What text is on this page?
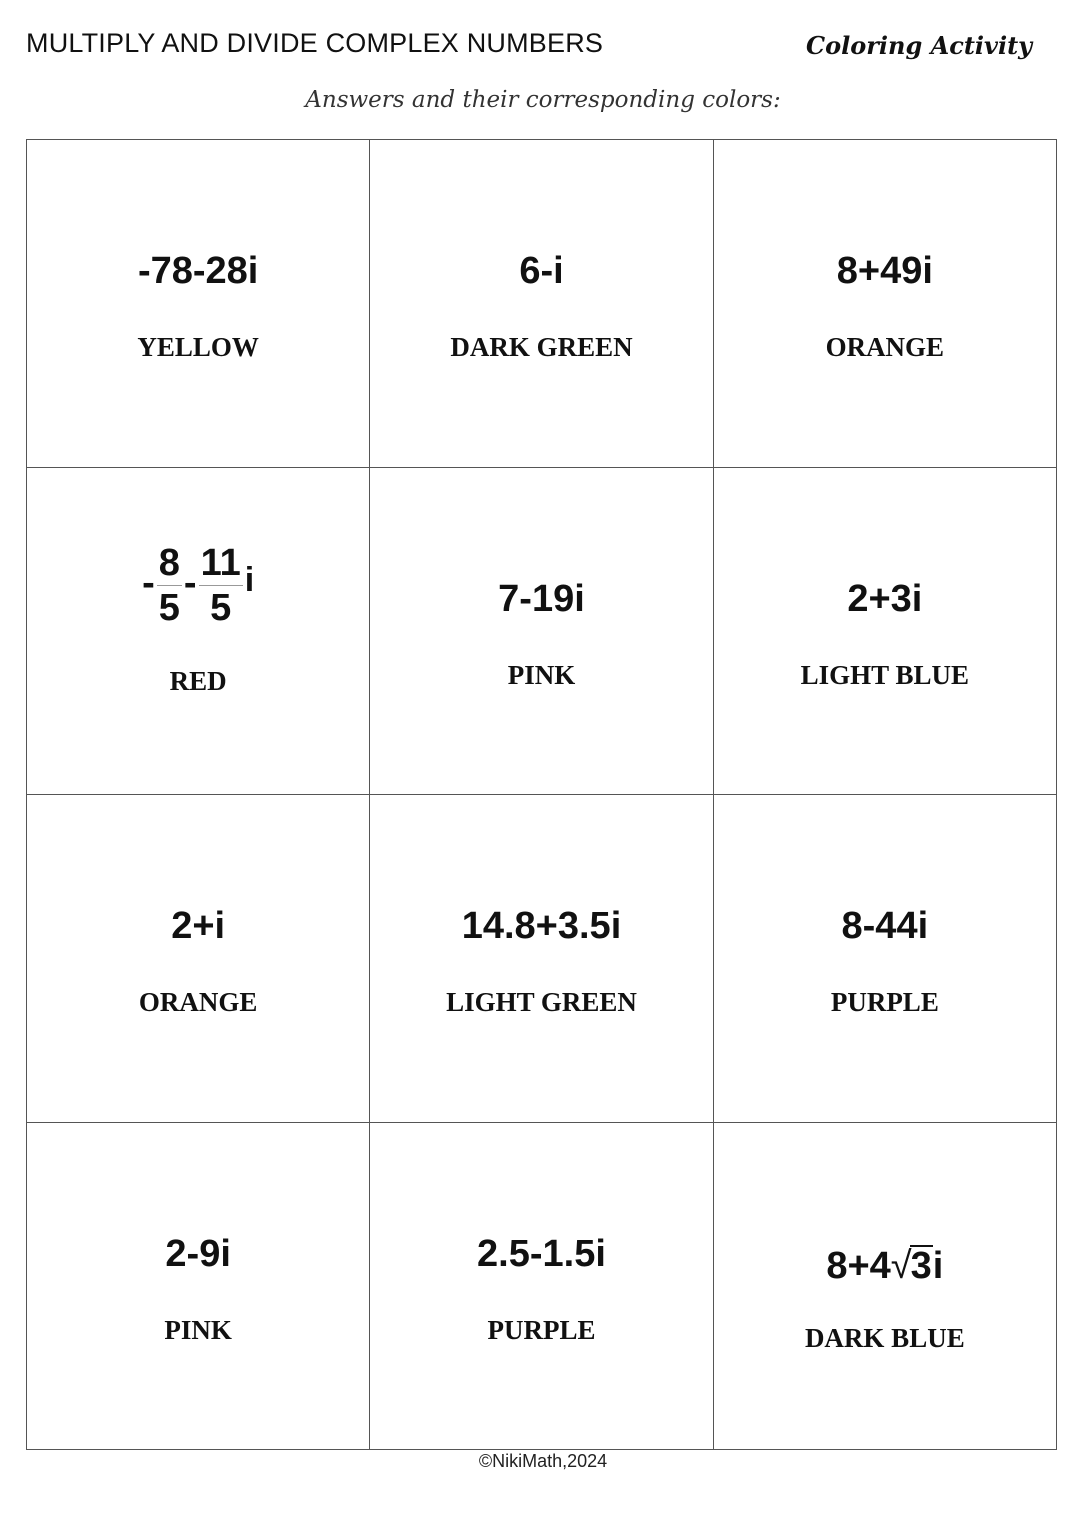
MULTIPLY AND DIVIDE COMPLEX NUMBERS	Coloring Activity
Answers and their corresponding colors:
-78-28i
YELLOW
6-i
DARK GREEN
8+49i
ORANGE
- $\frac{8}{5} - \frac{11}{5}$ i
RED
7-19i
PINK
2+3i
LIGHT BLUE
2+i
ORANGE
14.8+3.5i
LIGHT GREEN
8-44i
PURPLE
2-9i
PINK
2.5-1.5i
PURPLE
8+4√3i
DARK BLUE
©NikiMath,2024
